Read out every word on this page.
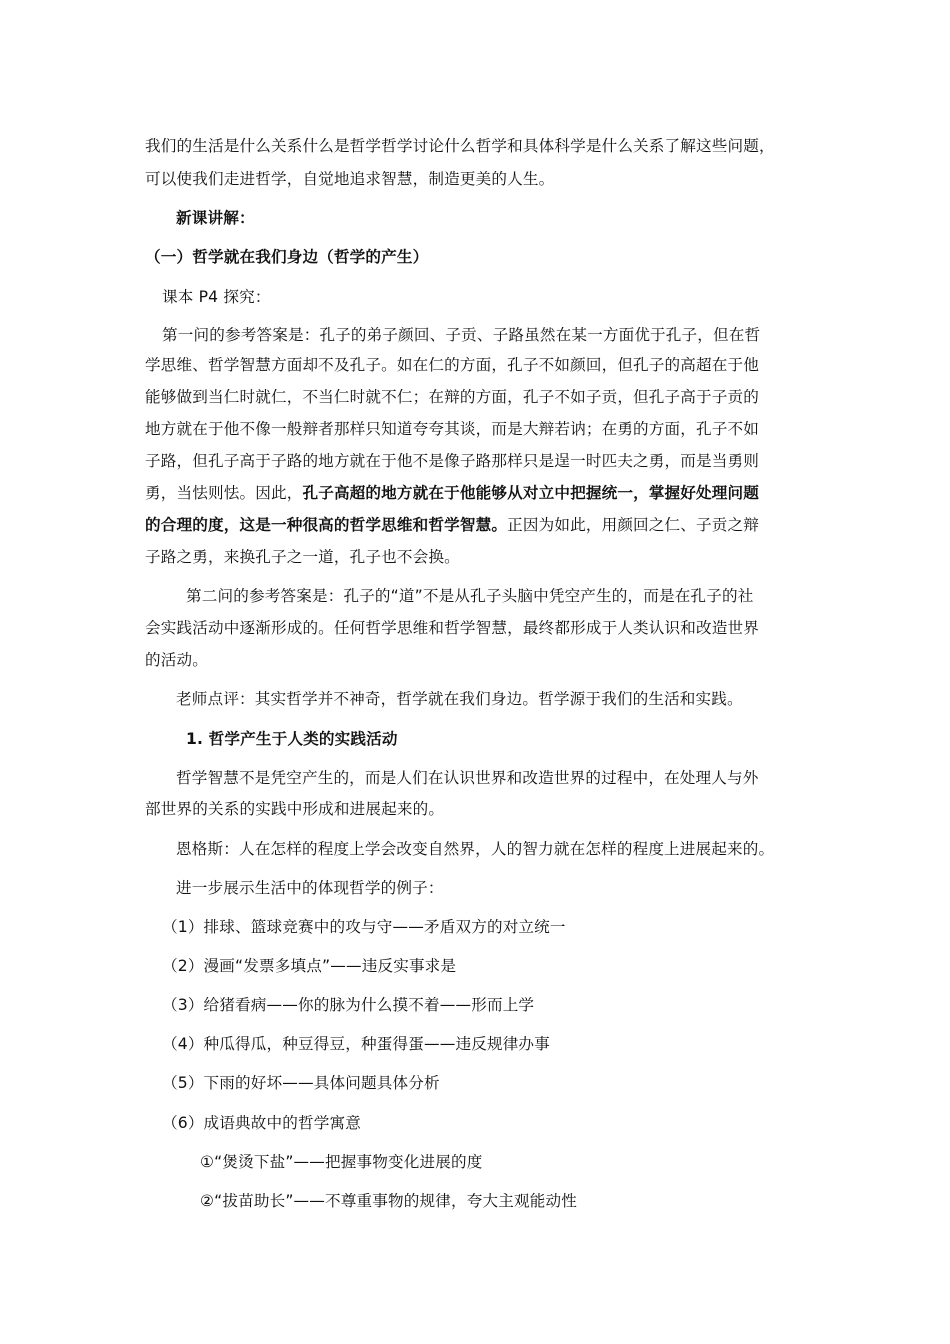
我们的生活是什么关系什么是哲学哲学讨论什么哲学和具体科学是什么关系了解这些问题，
可以使我们走进哲学，自觉地追求智慧，制造更美的人生。
新课讲解：
（一）哲学就在我们身边（哲学的产生）
课本 P4 探究：
第一问的参考答案是：孔子的弟子颜回、子贡、子路虽然在某一方面优于孔子，但在哲
学思维、哲学智慧方面却不及孔子。如在仁的方面，孔子不如颜回，但孔子的高超在于他
能够做到当仁时就仁，不当仁时就不仁；在辩的方面，孔子不如子贡，但孔子高于子贡的
地方就在于他不像一般辩者那样只知道夸夸其谈，而是大辩若讷；在勇的方面，孔子不如
子路，但孔子高于子路的地方就在于他不是像子路那样只是逞一时匹夫之勇，而是当勇则
勇，当怯则怯。因此，孔子高超的地方就在于他能够从对立中把握统一，掌握好处理问题
的合理的度，这是一种很高的哲学思维和哲学智慧。正因为如此，用颜回之仁、子贡之辩
子路之勇，来换孔子之一道，孔子也不会换。
第二问的参考答案是：孔子的“道”不是从孔子头脑中凭空产生的，而是在孔子的社
会实践活动中逐渐形成的。任何哲学思维和哲学智慧，最终都形成于人类认识和改造世界
的活动。
老师点评：其实哲学并不神奇，哲学就在我们身边。哲学源于我们的生活和实践。
1. 哲学产生于人类的实践活动
哲学智慧不是凭空产生的，而是人们在认识世界和改造世界的过程中，在处理人与外
部世界的关系的实践中形成和进展起来的。
恩格斯：人在怎样的程度上学会改变自然界，人的智力就在怎样的程度上进展起来的。
进一步展示生活中的体现哲学的例子：
（1）排球、篮球竞赛中的攻与守——矛盾双方的对立统一
（2）漫画“发票多填点”——违反实事求是
（3）给猪看病——你的脉为什么摸不着——形而上学
（4）种瓜得瓜，种豆得豆，种蛋得蛋——违反规律办事
（5）下雨的好坏——具体问题具体分析
（6）成语典故中的哲学寓意
①“煲烫下盐”——把握事物变化进展的度
②“拔苗助长”——不尊重事物的规律，夸大主观能动性
